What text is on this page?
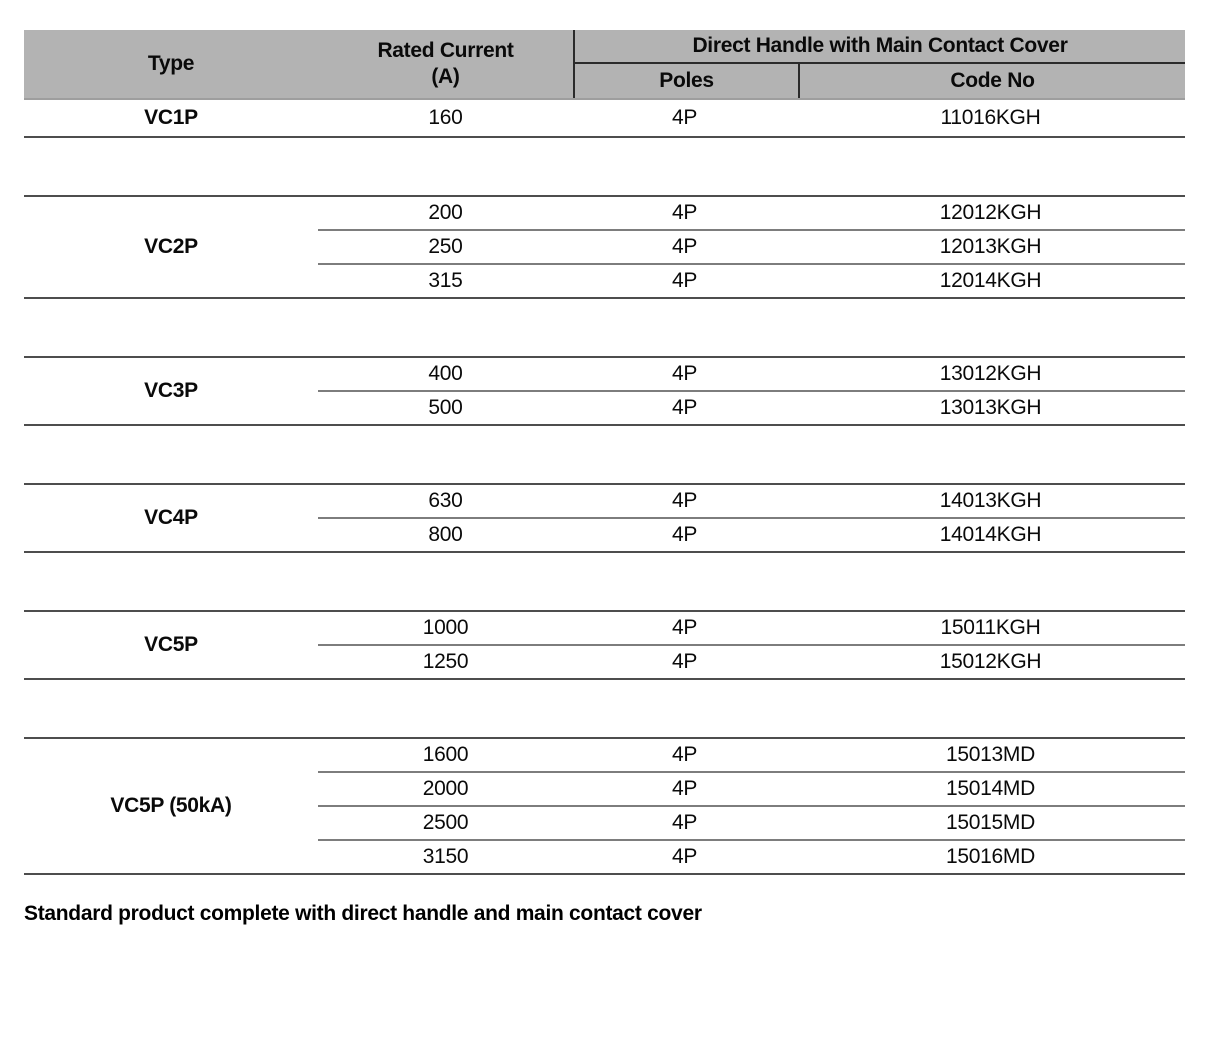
Type
Rated Current
(A)
Direct Handle with Main Contact Cover
Poles	Code No
VC1P	160	4P	11016KGH
VC2P
200	4P	12012KGH
250	4P	12013KGH
315	4P	12014KGH
VC3P
400	4P	13012KGH
500	4P	13013KGH
VC4P
630	4P	14013KGH
800	4P	14014KGH
VC5P
1000	4P	15011KGH
1250	4P	15012KGH
VC5P (50kA)
1600	4P	15013MD
2000	4P	15014MD
2500	4P	15015MD
3150	4P	15016MD
Standard product complete with direct handle and main contact cover
